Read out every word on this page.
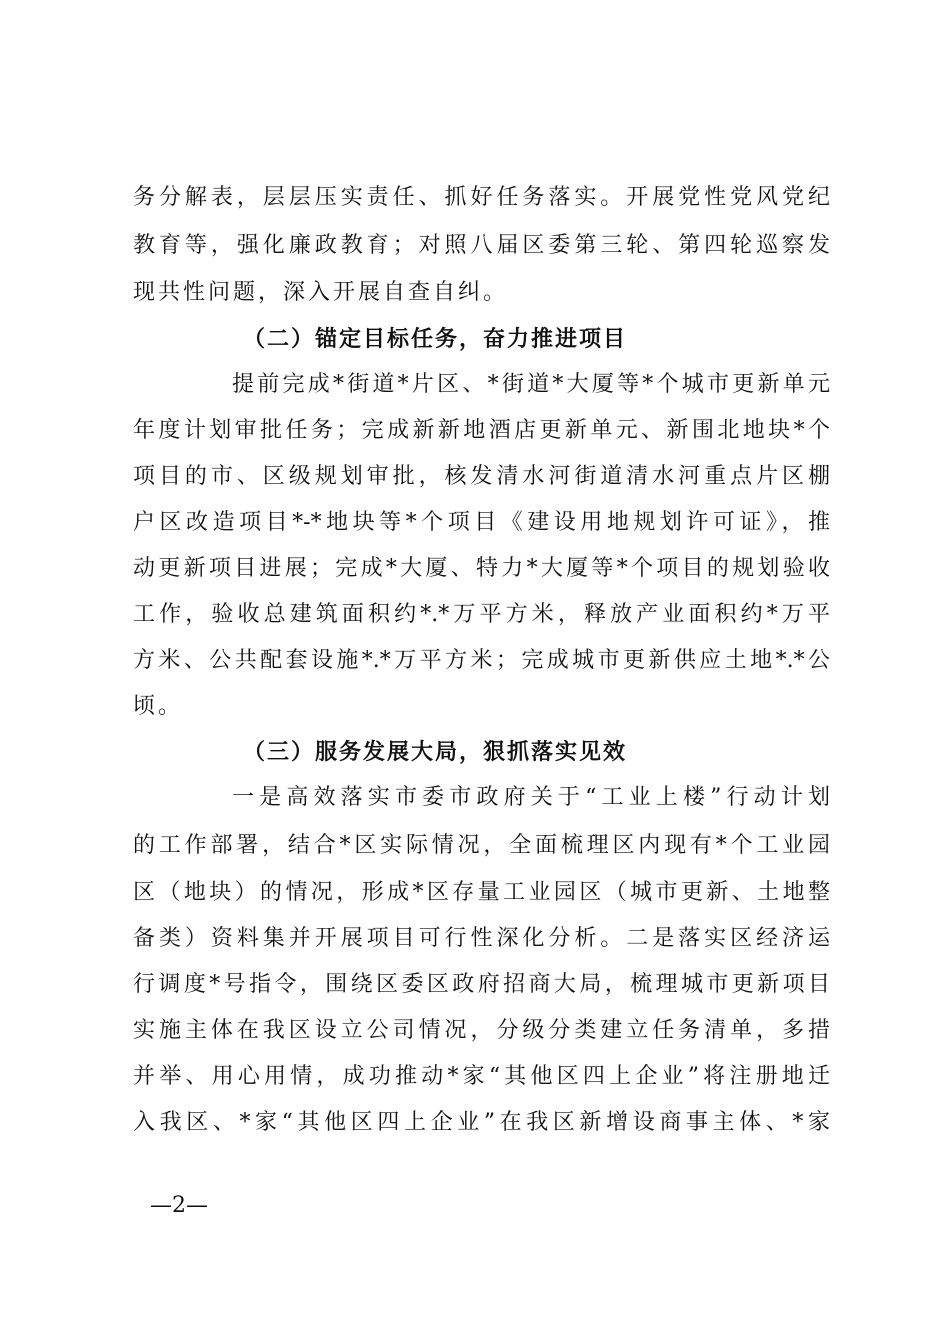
务分解表，层层压实责任、抓好任务落实。开展党性党风党纪
教育等，强化廉政教育；对照八届区委第三轮、第四轮巡察发
现共性问题，深入开展自查自纠。
（二）锚定目标任务，奋力推进项目
提前完成*街道*片区、*街道*大厦等*个城市更新单元
年度计划审批任务；完成新新地酒店更新单元、新围北地块*个
项目的市、区级规划审批，核发清水河街道清水河重点片区棚
户区改造项目*-*地块等*个项目《建设用地规划许可证》，推
动更新项目进展；完成*大厦、特力*大厦等*个项目的规划验收
工作，验收总建筑面积约*.*万平方米，释放产业面积约*万平
方米、公共配套设施*.*万平方米；完成城市更新供应土地*.*公
顷。
（三）服务发展大局，狠抓落实见效
一是高效落实市委市政府关于“工业上楼”行动计划
的工作部署，结合*区实际情况，全面梳理区内现有*个工业园
区（地块）的情况，形成*区存量工业园区（城市更新、土地整
备类）资料集并开展项目可行性深化分析。二是落实区经济运
行调度*号指令，围绕区委区政府招商大局，梳理城市更新项目
实施主体在我区设立公司情况，分级分类建立任务清单，多措
并举、用心用情，成功推动*家“其他区四上企业”将注册地迁
入我区、*家“其他区四上企业”在我区新增设商事主体、*家
—2—
